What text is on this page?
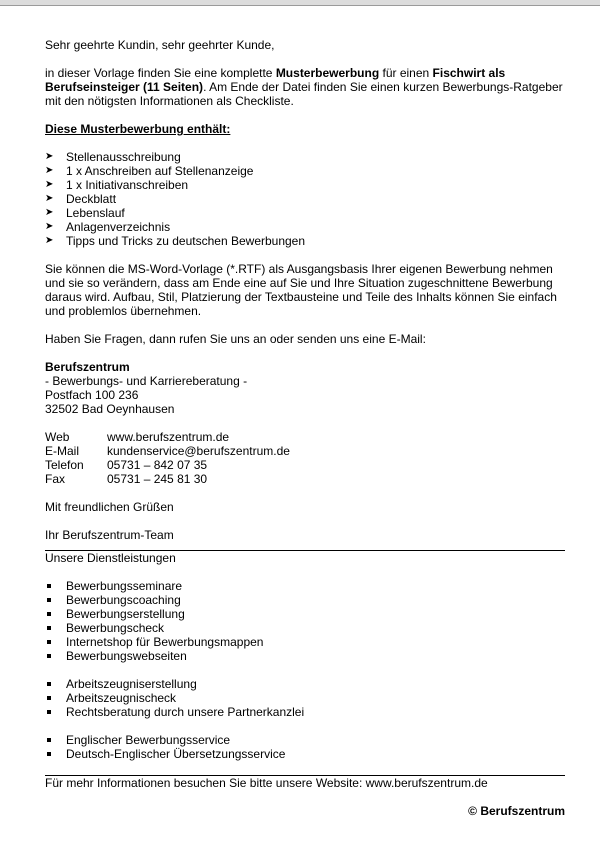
Sehr geehrte Kundin, sehr geehrter Kunde,

in dieser Vorlage finden Sie eine komplette Musterbewerbung für einen Fischwirt als Berufseinsteiger (11 Seiten). Am Ende der Datei finden Sie einen kurzen Bewerbungs-Ratgeber mit den nötigsten Informationen als Checkliste.

Diese Musterbewerbung enthält:

➤ Stellenausschreibung
➤ 1 x Anschreiben auf Stellenanzeige
➤ 1 x Initiativanschreiben
➤ Deckblatt
➤ Lebenslauf
➤ Anlagenverzeichnis
➤ Tipps und Tricks zu deutschen Bewerbungen

Sie können die MS-Word-Vorlage (*.RTF) als Ausgangsbasis Ihrer eigenen Bewerbung nehmen und sie so verändern, dass am Ende eine auf Sie und Ihre Situation zugeschnittene Bewerbung daraus wird. Aufbau, Stil, Platzierung der Textbausteine und Teile des Inhalts können Sie einfach und problemlos übernehmen.

Haben Sie Fragen, dann rufen Sie uns an oder senden uns eine E-Mail:

Berufszentrum

- Bewerbungs- und Karriereberatung -

Postfach 100 236

32502 Bad Oeynhausen

Web	www.berufszentrum.de
E-Mail kundenservice@berufszentrum.de
Telefon 05731 – 842 07 35
Fax	05731 – 245 81 30

Mit freundlichen Grüßen

Ihr Berufszentrum-Team

Unsere Dienstleistungen

Bewerbungsseminare
Bewerbungscoaching
Bewerbungserstellung
Bewerbungscheck
Internetshop für Bewerbungsmappen
Bewerbungswebseiten
Arbeitszeugniserstellung
Arbeitszeugnischeck
Rechtsberatung durch unsere Partnerkanzlei
Englischer Bewerbungsservice
Deutsch-Englischer Übersetzungsservice

Für mehr Informationen besuchen Sie bitte unsere Website: www.berufszentrum.de

© Berufszentrum
